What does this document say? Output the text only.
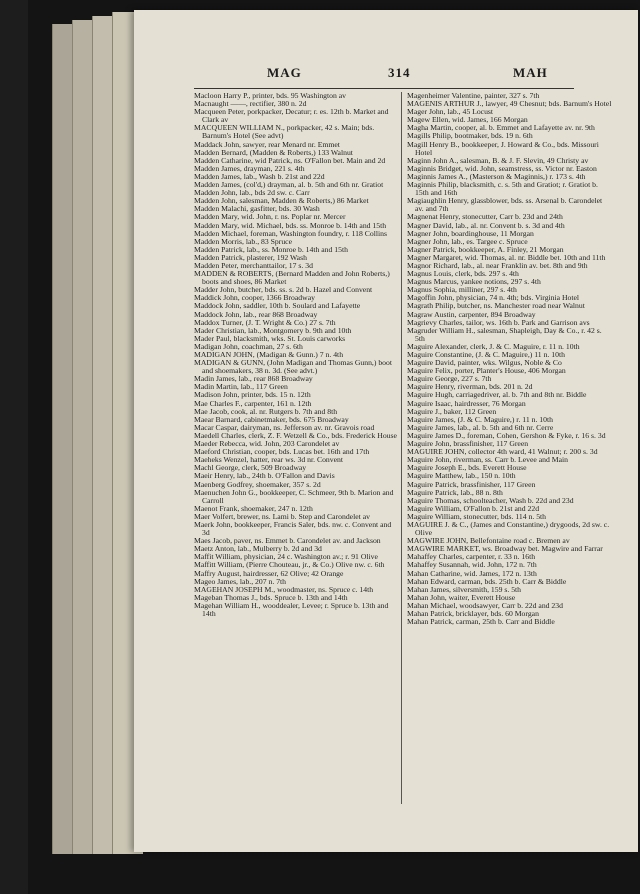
MAG	314	MAH
Macloon Harry P., printer, bds. 95 Washington av
Macnaught ——, rectifier, 380 n. 2d
Macqueen Peter, porkpacker, Decatur; r. es. 12th b. Market and Clark av
MACQUEEN WILLIAM N., porkpacker, 42 s. Main; bds. Barnum's Hotel (See advt)
Maddack John, sawyer, rear Menard nr. Emmet
Madden Bernard, (Madden & Roberts,) 133 Walnut
Madden Catharine, wid Patrick, ns. O'Fallon bet. Main and 2d
Madden James, drayman, 221 s. 4th
Madden James, lab., Wash b. 21st and 22d
Madden James, (col'd,) drayman, al. b. 5th and 6th nr. Gratiot
Madden John, lab., bds 2d sw. c. Carr
Madden John, salesman, Madden & Roberts,) 86 Market
Madden Malachi, gasfitter, bds. 30 Wash
Madden Mary, wid. John, r. ns. Poplar nr. Mercer
Madden Mary, wid. Michael, bds. ss. Monroe b. 14th and 15th
Madden Michael, foreman, Washington foundry, r. 118 Collins
Madden Morris, lab., 83 Spruce
Madden Patrick, lab., ss. Monroe b. 14th and 15th
Madden Patrick, plasterer, 192 Wash
Madden Peter, merchanttailor, 17 s. 3d
MADDEN & ROBERTS, (Bernard Madden and John Roberts,) boots and shoes, 86 Market
Madder John, butcher, bds. ss. s. 2d b. Hazel and Convent
Maddick John, cooper, 1366 Broadway
Maddock John, saddler, 10th b. Soulard and Lafayette
Maddock John, lab., rear 868 Broadway
Maddox Turner, (J. T. Wright & Co.) 27 s. 7th
Mader Christian, lab., Montgomery b. 9th and 10th
Mader Paul, blacksmith, wks. St. Louis carworks
Madigan John, coachman, 27 s. 6th
MADIGAN JOHN, (Madigan & Gunn.) 7 n. 4th
MADIGAN & GUNN, (John Madigan and Thomas Gunn,) boot and shoemakers, 38 n. 3d. (See advt.)
Madin James, lab., rear 868 Broadway
Madin Martin, lab., 117 Green
Madison John, printer, bds. 15 n. 12th
Mae Charles F., carpenter, 161 n. 12th
Mae Jacob, cook, al. nr. Rutgers b. 7th and 8th
Maear Barnard, cabinetmaker, bds. 675 Broadway
Macar Caspar, dairyman, ns. Jefferson av. nr. Gravois road
Maedell Charles, clerk, Z. F. Wetzell & Co., bds. Frederick House
Maeder Rebecca, wid. John, 203 Carondelet av
Maeford Christian, cooper, bds. Lucas bet. 16th and 17th
Maeheks Wenzel, hatter, rear ws. 3d nr. Convent
Machl George, clerk, 509 Broadway
Maeir Henry, lab., 24th b. O'Fallon and Davis
Maenberg Godfrey, shoemaker, 357 s. 2d
Maenuchen John G., bookkeeper, C. Schmeer, 9th b. Marion and Carroll
Maenot Frank, shoemaker, 247 n. 12th
Maer Volfert, brewer, ns. Lami b. Step and Carondelet av
Maerk John, bookkeeper, Francis Saler, bds. nw. c. Convent and 3d
Maes Jacob, paver, ns. Emmet b. Carondelet av. and Jackson
Maetz Anton, lab., Mulberry b. 2d and 3d
Maffit William, physician, 24 c. Washington av.; r. 91 Olive
Maffitt William, (Pierre Chouteau, jr., & Co.) Olive nw. c. 6th
Maffry August, hairdresser, 62 Olive; 42 Orange
Mageo James, lab., 207 n. 7th
MAGEHAN JOSEPH M., woodmaster, ns. Spruce c. 14th
Mageban Thomas J., bds. Spruce b. 13th and 14th
Magehan William H., wooddealer, Levee; r. Spruce b. 13th and 14th
Magenheimer Valentine, painter, 327 s. 7th
MAGENIS ARTHUR J., lawyer, 49 Chesnut; bds. Barnum's Hotel
Mager John, lab., 45 Locust
Magew Ellen, wid. James, 166 Morgan
Magha Martin, cooper, al. b. Emmet and Lafayette av. nr. 9th
Magills Philip, bootmaker, bds. 19 n. 6th
Magill Henry B., bookkeeper, J. Howard & Co., bds. Missouri Hotel
Maginn John A., salesman, B. & J. F. Slevin, 49 Christy av
Maginnis Bridget, wid. John, seamstress, ss. Victor nr. Easton
Maginnis James A., (Masterson & Maginnis,) r. 173 s. 4th
Maginnis Philip, blacksmith, c. s. 5th and Gratiot; r. Gratiot b. 15th and 16th
Magiaughlin Henry, glassblower, bds. ss. Arsenal b. Carondelet av. and 7th
Magnenat Henry, stonecutter, Carr b. 23d and 24th
Magner David, lab., al. nr. Convent b. s. 3d and 4th
Magner John, boardinghouse, 11 Morgan
Magner John, lab., es. Targee c. Spruce
Magner Patrick, bookkeeper, A. Finley, 21 Morgan
Magner Margaret, wid. Thomas, al. nr. Biddle bet. 10th and 11th
Magnor Richard, lab., al. near Franklin av. bet. 8th and 9th
Magnus Louis, clerk, bds. 297 s. 4th
Magnus Marcus, yankee notions, 297 s. 4th
Magnus Sophia, milliner, 297 s. 4th
Magoffin John, physician, 74 n. 4th; bds. Virginia Hotel
Magrath Philip, butcher, ns. Manchester road near Walnut
Magraw Austin, carpenter, 894 Broadway
Magrievy Charles, tailor, ws. 16th b. Park and Garrison avs
Magruder William H., salesman, Shapleigh, Day & Co., r. 42 s. 5th
Maguire Alexander, clerk, J. & C. Maguire, r. 11 n. 10th
Maguire Constantine, (J. & C. Maguire,) 11 n. 10th
Maguire David, painter, wks. Wilgus, Noble & Co
Maguire Felix, porter, Planter's House, 406 Morgan
Maguire George, 227 s. 7th
Maguire Henry, riverman, bds. 201 n. 2d
Maguire Hugh, carriagedriver, al. b. 7th and 8th nr. Biddle
Maguire Isaac, hairdresser, 76 Morgan
Maguire J., baker, 112 Green
Maguire James, (J. & C. Maguire,) r. 11 n. 10th
Maguire James, lab., al. b. 5th and 6th nr. Cerre
Maguire James D., foreman, Cohen, Gershon & Fyke, r. 16 s. 3d
Maguire John, brassfinisher, 117 Green
MAGUIRE JOHN, collector 4th ward, 41 Walnut; r. 200 s. 3d
Maguire John, riverman, ss. Carr b. Levee and Main
Maguire Joseph E., bds. Everett House
Maguire Matthew, lab., 150 n. 10th
Maguire Patrick, brassfinisher, 117 Green
Maguire Patrick, lab., 88 n. 8th
Maguire Thomas, schoolteacher, Wash b. 22d and 23d
Maguire William, O'Fallon b. 21st and 22d
Maguire William, stonecutter, bds. 114 n. 5th
MAGUIRE J. & C., (James and Constantine,) drygoods, 2d sw. c. Olive
MAGWIRE JOHN, Bellefontaine road c. Bremen av
MAGWIRE MARKET, ws. Broadway bet. Magwire and Farrar
Mahaffey Charles, carpenter, r. 33 n. 16th
Mahaffey Susannah, wid. John, 172 n. 7th
Mahan Catharine, wid. James, 172 n. 13th
Mahan Edward, carman, bds. 25th b. Carr & Biddle
Mahan James, silversmith, 159 s. 5th
Mahan John, waiter, Everett House
Mahan Michael, woodsawyer, Carr b. 22d and 23d
Mahan Patrick, bricklayer, bds. 60 Morgan
Mahan Patrick, carman, 25th b. Carr and Biddle
